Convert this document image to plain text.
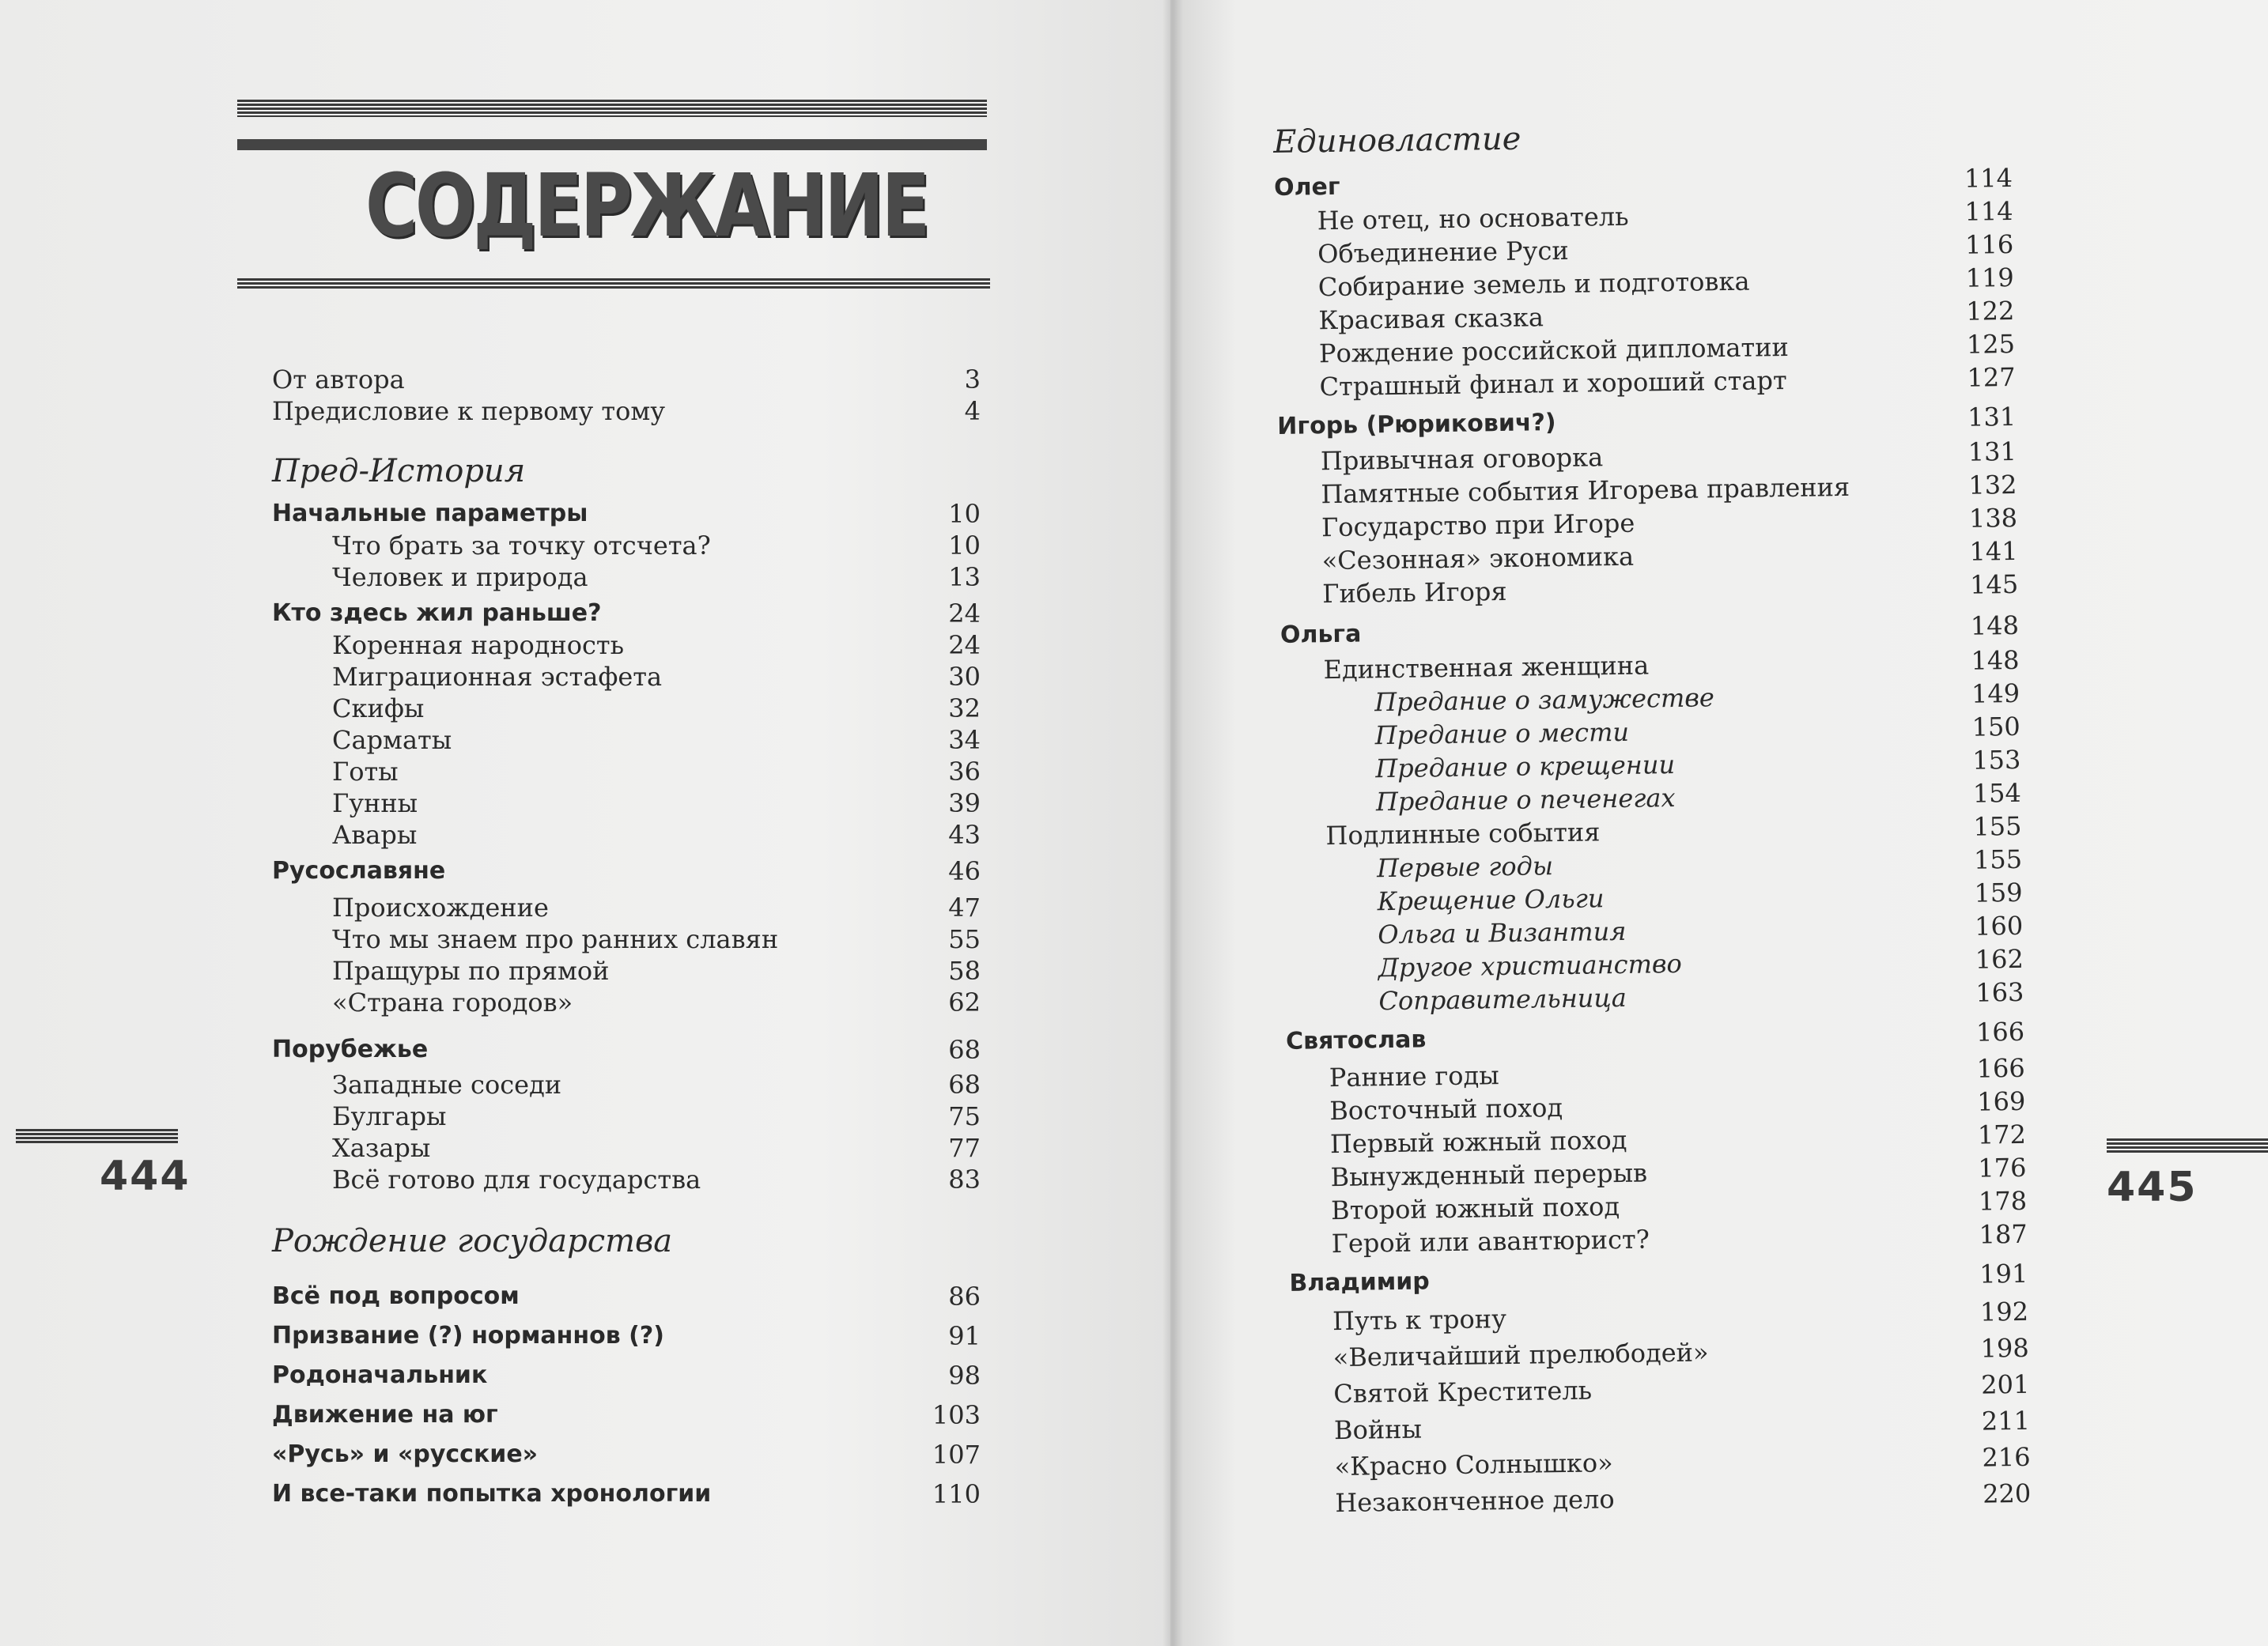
СОДЕРЖАНИЕ
444	445
От автора	3
Предисловие к первому тому	4
Пред-История
Начальные параметры	10
Что брать за точку отсчета?	10
Человек и природа	13
Кто здесь жил раньше?	24
Коренная народность	24
Миграционная эстафета	30
Скифы	32
Сарматы	34
Готы	36
Гунны	39
Авары	43
Русославяне	46
Происхождение	47
Что мы знаем про ранних славян	55
Пращуры по прямой	58
«Страна городов»	62
Порубежье	68
Западные соседи	68
Булгары	75
Хазары	77
Всё готово для государства	83
Рождение государства
Всё под вопросом	86
Призвание (?) норманнов (?)	91
Родоначальник	98
Движение на юг	103
«Русь» и «русские»	107
И все-таки попытка хронологии	110
Единовластие
Олег	114
Не отец, но основатель	114
Объединение Руси	116
Собирание земель и подготовка	119
Красивая сказка	122
Рождение российской дипломатии	125
Страшный финал и хороший старт	127
Игорь (Рюрикович?)	131
Привычная оговорка	131
Памятные события Игорева правления	132
Государство при Игоре	138
«Сезонная» экономика	141
Гибель Игоря	145
Ольга	148
Единственная женщина	148
Предание о замужестве	149
Предание о мести	150
Предание о крещении	153
Предание о печенегах	154
Подлинные события	155
Первые годы	155
Крещение Ольги	159
Ольга и Византия	160
Другое христианство	162
Соправительница	163
Святослав	166
Ранние годы	166
Восточный поход	169
Первый южный поход	172
Вынужденный перерыв	176
Второй южный поход	178
Герой или авантюрист?	187
Владимир	191
Путь к трону	192
«Величайший прелюбодей»	198
Святой Креститель	201
Войны	211
«Красно Солнышко»	216
Незаконченное дело	220
